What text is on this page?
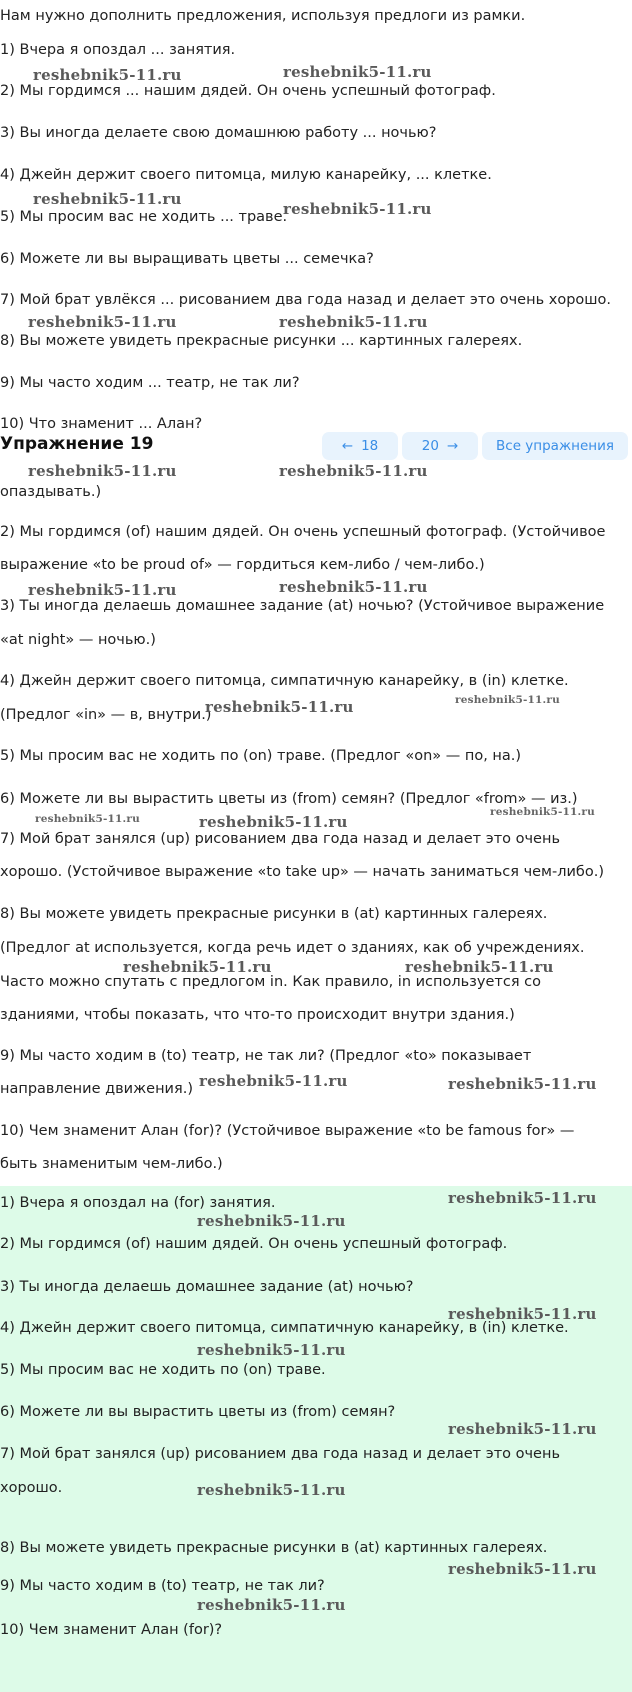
Нам нужно дополнить предложения, используя предлоги из рамки.
1) Вчера я опоздал ... занятия.
2) Мы гордимся ... нашим дядей. Он очень успешный фотограф.
3) Вы иногда делаете свою домашнюю работу ... ночью?
4) Джейн держит своего питомца, милую канарейку, ... клетке.
5) Мы просим вас не ходить ... траве.
6) Можете ли вы выращивать цветы ... семечка?
7) Мой брат увлёкся ... рисованием два года назад и делает это очень хорошо.
8) Вы можете увидеть прекрасные рисунки ... картинных галереях.
9) Мы часто ходим ... театр, не так ли?
10) Что знаменит ... Алан?
Упражнение 19	← 18	20 →	Все упражнения
опаздывать.)
2) Мы гордимся (of) нашим дядей. Он очень успешный фотограф. (Устойчивое
выражение «to be proud of» — гордиться кем-либо / чем-либо.)
3) Ты иногда делаешь домашнее задание (at) ночью? (Устойчивое выражение
«at night» — ночью.)
4) Джейн держит своего питомца, симпатичную канарейку, в (in) клетке.
(Предлог «in» — в, внутри.)
5) Мы просим вас не ходить по (on) траве. (Предлог «on» — по, на.)
6) Можете ли вы вырастить цветы из (from) семян? (Предлог «from» — из.)
7) Мой брат занялся (up) рисованием два года назад и делает это очень
хорошо. (Устойчивое выражение «to take up» — начать заниматься чем-либо.)
8) Вы можете увидеть прекрасные рисунки в (at) картинных галереях.
(Предлог at используется, когда речь идет о зданиях, как об учреждениях.
Часто можно спутать с предлогом in. Как правило, in используется со
зданиями, чтобы показать, что что-то происходит внутри здания.)
9) Мы часто ходим в (to) театр, не так ли? (Предлог «to» показывает
направление движения.)
10) Чем знаменит Алан (for)? (Устойчивое выражение «to be famous for» —
быть знаменитым чем-либо.)
1) Вчера я опоздал на (for) занятия.
2) Мы гордимся (of) нашим дядей. Он очень успешный фотограф.
3) Ты иногда делаешь домашнее задание (at) ночью?
4) Джейн держит своего питомца, симпатичную канарейку, в (in) клетке.
5) Мы просим вас не ходить по (on) траве.
6) Можете ли вы вырастить цветы из (from) семян?
7) Мой брат занялся (up) рисованием два года назад и делает это очень
хорошо.
8) Вы можете увидеть прекрасные рисунки в (at) картинных галереях.
9) Мы часто ходим в (to) театр, не так ли?
10) Чем знаменит Алан (for)?
reshebnik5-11.ru	reshebnik5-11.ru
reshebnik5-11.ru
reshebnik5-11.ru
reshebnik5-11.ru	reshebnik5-11.ru
reshebnik5-11.ru	reshebnik5-11.ru
reshebnik5-11.ru	reshebnik5-11.ru
reshebnik5-11.ru	reshebnik5-11.ru
reshebnik5-11.ru
reshebnik5-11.ru	reshebnik5-11.ru
reshebnik5-11.ru	reshebnik5-11.ru
reshebnik5-11.ru	reshebnik5-11.ru
reshebnik5-11.ru
reshebnik5-11.ru
reshebnik5-11.ru
reshebnik5-11.ru
reshebnik5-11.ru
reshebnik5-11.ru
reshebnik5-11.ru
reshebnik5-11.ru
